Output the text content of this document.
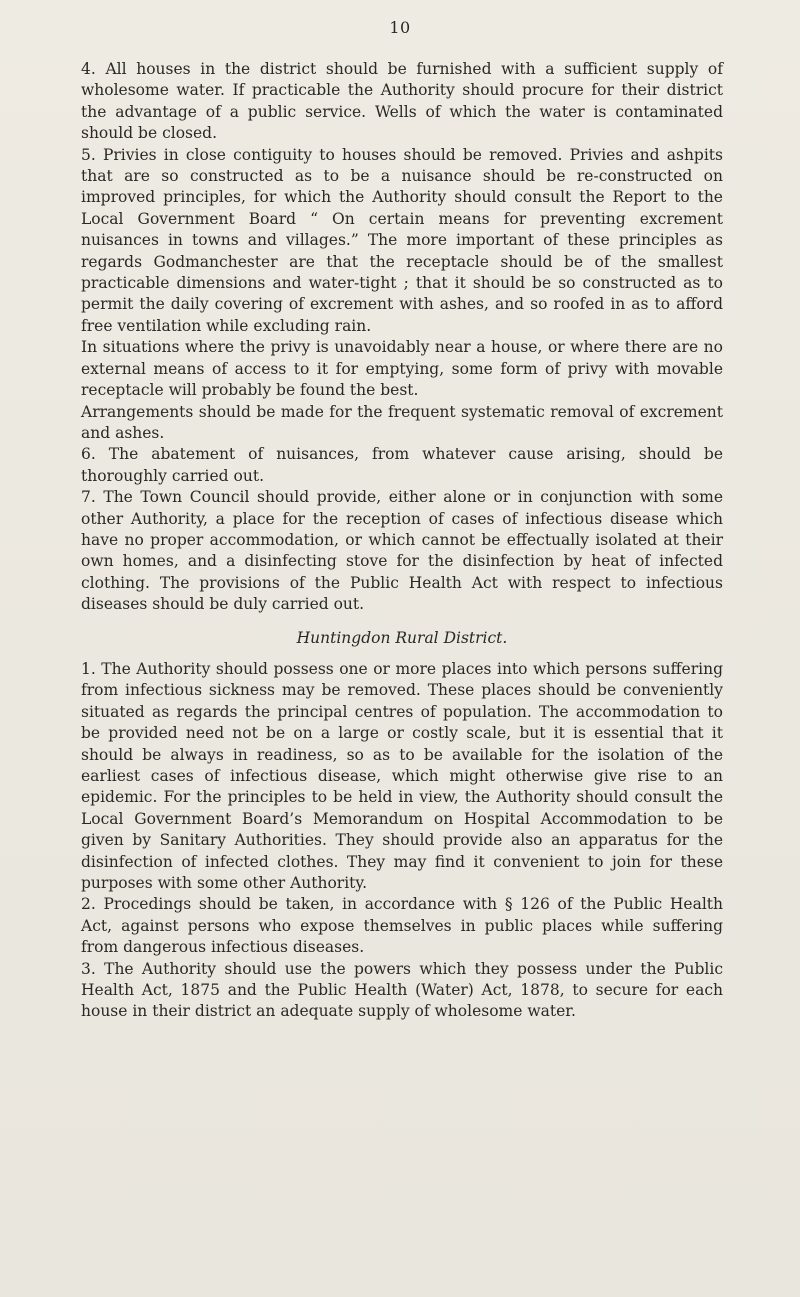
10

4. All houses in the district should be furnished with a sufficient supply of wholesome water. If practicable the Authority should procure for their district the advantage of a public service. Wells of which the water is contaminated should be closed.

5. Privies in close contiguity to houses should be removed. Privies and ashpits that are so constructed as to be a nuisance should be re-constructed on improved principles, for which the Authority should consult the Report to the Local Government Board “ On certain means for preventing excrement nuisances in towns and villages.” The more important of these principles as regards Godmanchester are that the receptacle should be of the smallest practicable dimensions and water-tight ; that it should be so constructed as to permit the daily covering of excrement with ashes, and so roofed in as to afford free ventilation while excluding rain.

In situations where the privy is unavoidably near a house, or where there are no external means of access to it for emptying, some form of privy with movable receptacle will probably be found the best.

Arrangements should be made for the frequent systematic removal of excrement and ashes.

6. The abatement of nuisances, from whatever cause arising, should be thoroughly carried out.

7. The Town Council should provide, either alone or in conjunction with some other Authority, a place for the reception of cases of infectious disease which have no proper accommodation, or which cannot be effectually isolated at their own homes, and a disinfecting stove for the disinfection by heat of infected clothing. The provisions of the Public Health Act with respect to infectious diseases should be duly carried out.

Huntingdon Rural District.

1. The Authority should possess one or more places into which persons suffering from infectious sickness may be removed. These places should be conveniently situated as regards the principal centres of population. The accommodation to be provided need not be on a large or costly scale, but it is essential that it should be always in readiness, so as to be available for the isolation of the earliest cases of infectious disease, which might otherwise give rise to an epidemic. For the principles to be held in view, the Authority should consult the Local Government Board’s Memorandum on Hospital Accommodation to be given by Sanitary Authorities. They should provide also an apparatus for the disinfection of infected clothes. They may find it convenient to join for these purposes with some other Authority.

2. Procedings should be taken, in accordance with § 126 of the Public Health Act, against persons who expose themselves in public places while suffering from dangerous infectious diseases.

3. The Authority should use the powers which they possess under the Public Health Act, 1875 and the Public Health (Water) Act, 1878, to secure for each house in their district an adequate supply of wholesome water.
